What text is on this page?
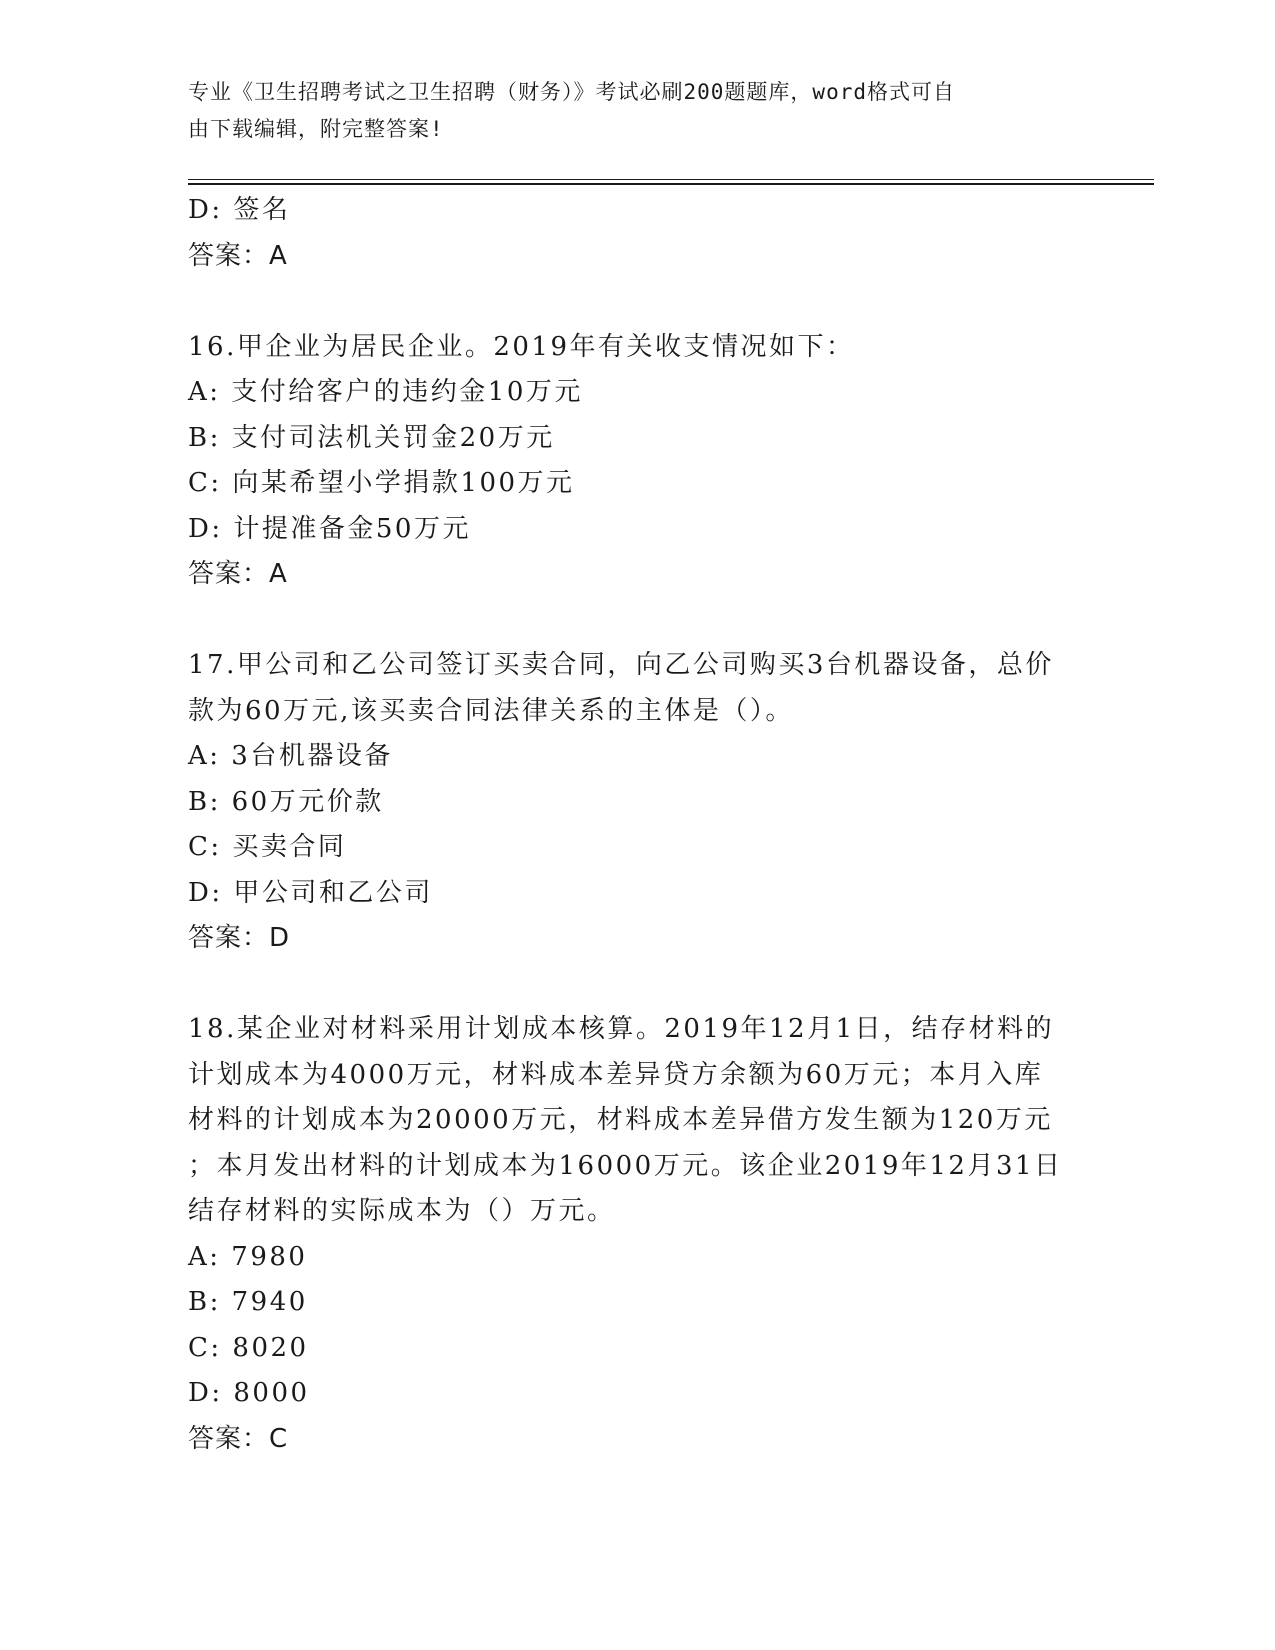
专业《卫生招聘考试之卫生招聘（财务）》考试必刷200题题库，word格式可自
由下载编辑，附完整答案!
D: 签名
答案：A
16.甲企业为居民企业。2019年有关收支情况如下：
A: 支付给客户的违约金10万元
B: 支付司法机关罚金20万元
C: 向某希望小学捐款100万元
D: 计提准备金50万元
答案：A
17.甲公司和乙公司签订买卖合同，向乙公司购买3台机器设备，总价
款为60万元,该买卖合同法律关系的主体是（）。
A: 3台机器设备
B: 60万元价款
C: 买卖合同
D: 甲公司和乙公司
答案：D
18.某企业对材料采用计划成本核算。2019年12月1日，结存材料的
计划成本为4000万元，材料成本差异贷方余额为60万元；本月入库
材料的计划成本为20000万元，材料成本差异借方发生额为120万元
；本月发出材料的计划成本为16000万元。该企业2019年12月31日
结存材料的实际成本为（）万元。
A: 7980
B: 7940
C: 8020
D: 8000
答案：C
